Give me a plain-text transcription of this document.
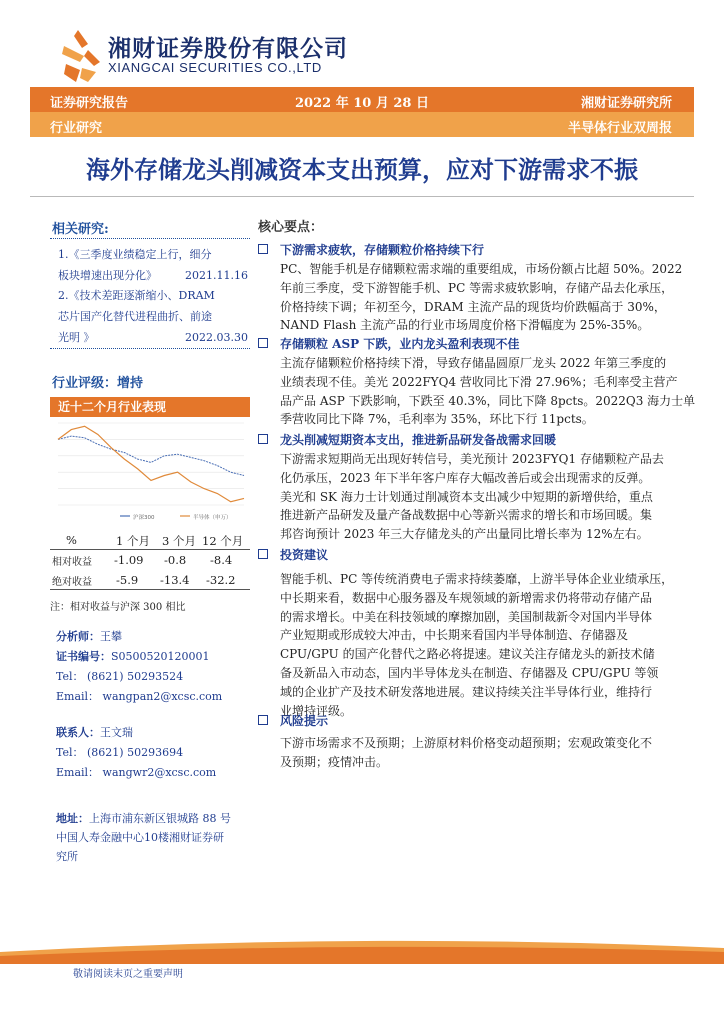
湘财证券股份有限公司
XIANGCAI SECURITIES CO.,LTD
2022 年 10 月 28 日
证券研究报告	湘财证券研究所
行业研究	半导体行业双周报
海外存储龙头削减资本支出预算，应对下游需求不振
相关研究:
1.《三季度业绩稳定上行，细分
板块增速出现分化》	2021.11.16
2.《技术差距逐渐缩小、DRAM
芯片国产化替代进程曲折、前途
光明 》	2022.03.30
行业评级：增持
近十二个月行业表现
沪深300	半导体（申万）
%	1 个月 3 个月 12 个月
相对收益 -1.09 -0.8 -8.4
绝对收益 -5.9 -13.4 -32.2
注：相对收益与沪深 300 相比
分析师：王攀
证书编号：S0500520120001
Tel： (8621) 50293524
Email： wangpan2@xcsc.com
联系人：王文瑞
Tel： (8621) 50293694
Email： wangwr2@xcsc.com
地址：上海市浦东新区银城路 88 号
中国人寿金融中心10楼湘财证券研
究所
核心要点：
下游需求疲软，存储颗粒价格持续下行
PC、智能手机是存储颗粒需求端的重要组成，市场份额占比超 50%。2022
年前三季度，受下游智能手机、PC 等需求疲软影响，存储产品去化承压，
价格持续下调；年初至今，DRAM 主流产品的现货均价跌幅高于 30%，
NAND Flash 主流产品的行业市场周度价格下滑幅度为 25%-35%。
存储颗粒 ASP 下跌，业内龙头盈利表现不佳
主流存储颗粒价格持续下滑，导致存储晶圆原厂龙头 2022 年第三季度的
业绩表现不佳。美光 2022FYQ4 营收同比下滑 27.96%；毛利率受主营产
品产品 ASP 下跌影响，下跌至 40.3%，同比下降 8pcts。2022Q3 海力士单
季营收同比下降 7%，毛利率为 35%，环比下行 11pcts。
龙头削减短期资本支出，推进新品研发备战需求回暖
下游需求短期尚无出现好转信号，美光预计 2023FYQ1 存储颗粒产品去
化仍承压，2023 年下半年客户库存大幅改善后或会出现需求的反弹。
美光和 SK 海力士计划通过削减资本支出减少中短期的新增供给，重点
推进新产品研发及量产备战数据中心等新兴需求的增长和市场回暖。集
邦咨询预计 2023 年三大存储龙头的产出量同比增长率为 12%左右。
投资建议
智能手机、PC 等传统消费电子需求持续萎靡，上游半导体企业业绩承压，
中长期来看，数据中心服务器及车规领域的新增需求仍将带动存储产品
的需求增长。中美在科技领域的摩擦加剧，美国制裁新令对国内半导体
产业短期或形成较大冲击，中长期来看国内半导体制造、存储器及
CPU/GPU 的国产化替代之路必将提速。建议关注存储龙头的新技术储
备及新品入市动态，国内半导体龙头在制造、存储器及 CPU/GPU 等领
域的企业扩产及技术研发落地进展。建议持续关注半导体行业，维持行
业增持评级。
风险提示
下游市场需求不及预期；上游原材料价格变动超预期；宏观政策变化不
及预期；疫情冲击。
敬请阅读末页之重要声明
